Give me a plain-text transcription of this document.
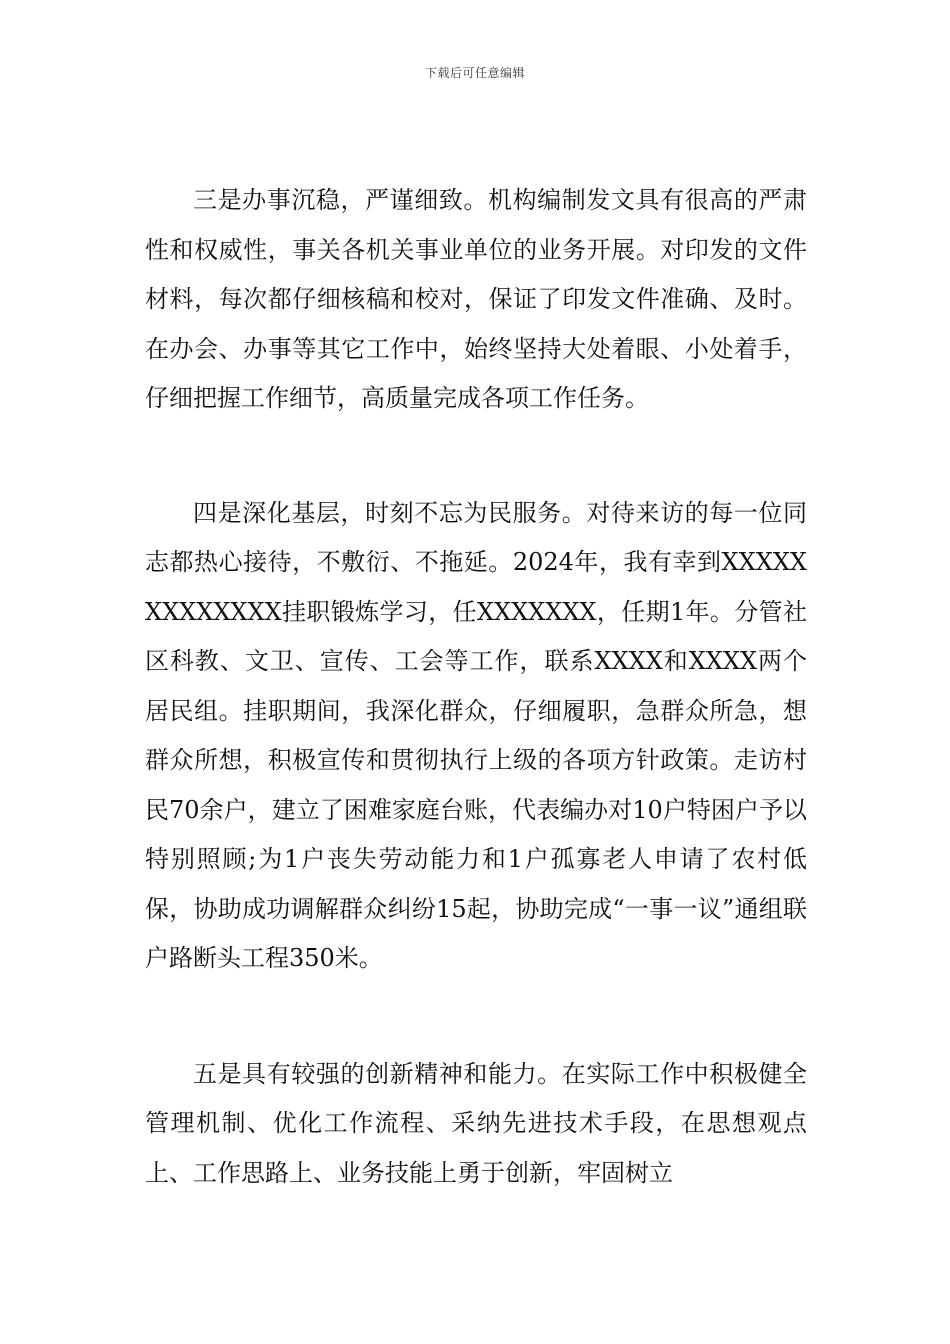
下载后可任意编辑

三是办事沉稳，严谨细致。机构编制发文具有很高的严肃性和权威性，事关各机关事业单位的业务开展。对印发的文件材料，每次都仔细核稿和校对，保证了印发文件准确、及时。在办会、办事等其它工作中，始终坚持大处着眼、小处着手，仔细把握工作细节，高质量完成各项工作任务。

四是深化基层，时刻不忘为民服务。对待来访的每一位同志都热心接待，不敷衍、不拖延。2024年，我有幸到XXXXXXXXXXXXX挂职锻炼学习，任XXXXXXX，任期1年。分管社区科教、文卫、宣传、工会等工作，联系XXXX和XXXX两个居民组。挂职期间，我深化群众，仔细履职，急群众所急，想群众所想，积极宣传和贯彻执行上级的各项方针政策。走访村民70余户，建立了困难家庭台账，代表编办对10户特困户予以特别照顾;为1户丧失劳动能力和1户孤寡老人申请了农村低保，协助成功调解群众纠纷15起，协助完成“一事一议”通组联户路断头工程350米。

五是具有较强的创新精神和能力。在实际工作中积极健全管理机制、优化工作流程、采纳先进技术手段，在思想观点上、工作思路上、业务技能上勇于创新，牢固树立
